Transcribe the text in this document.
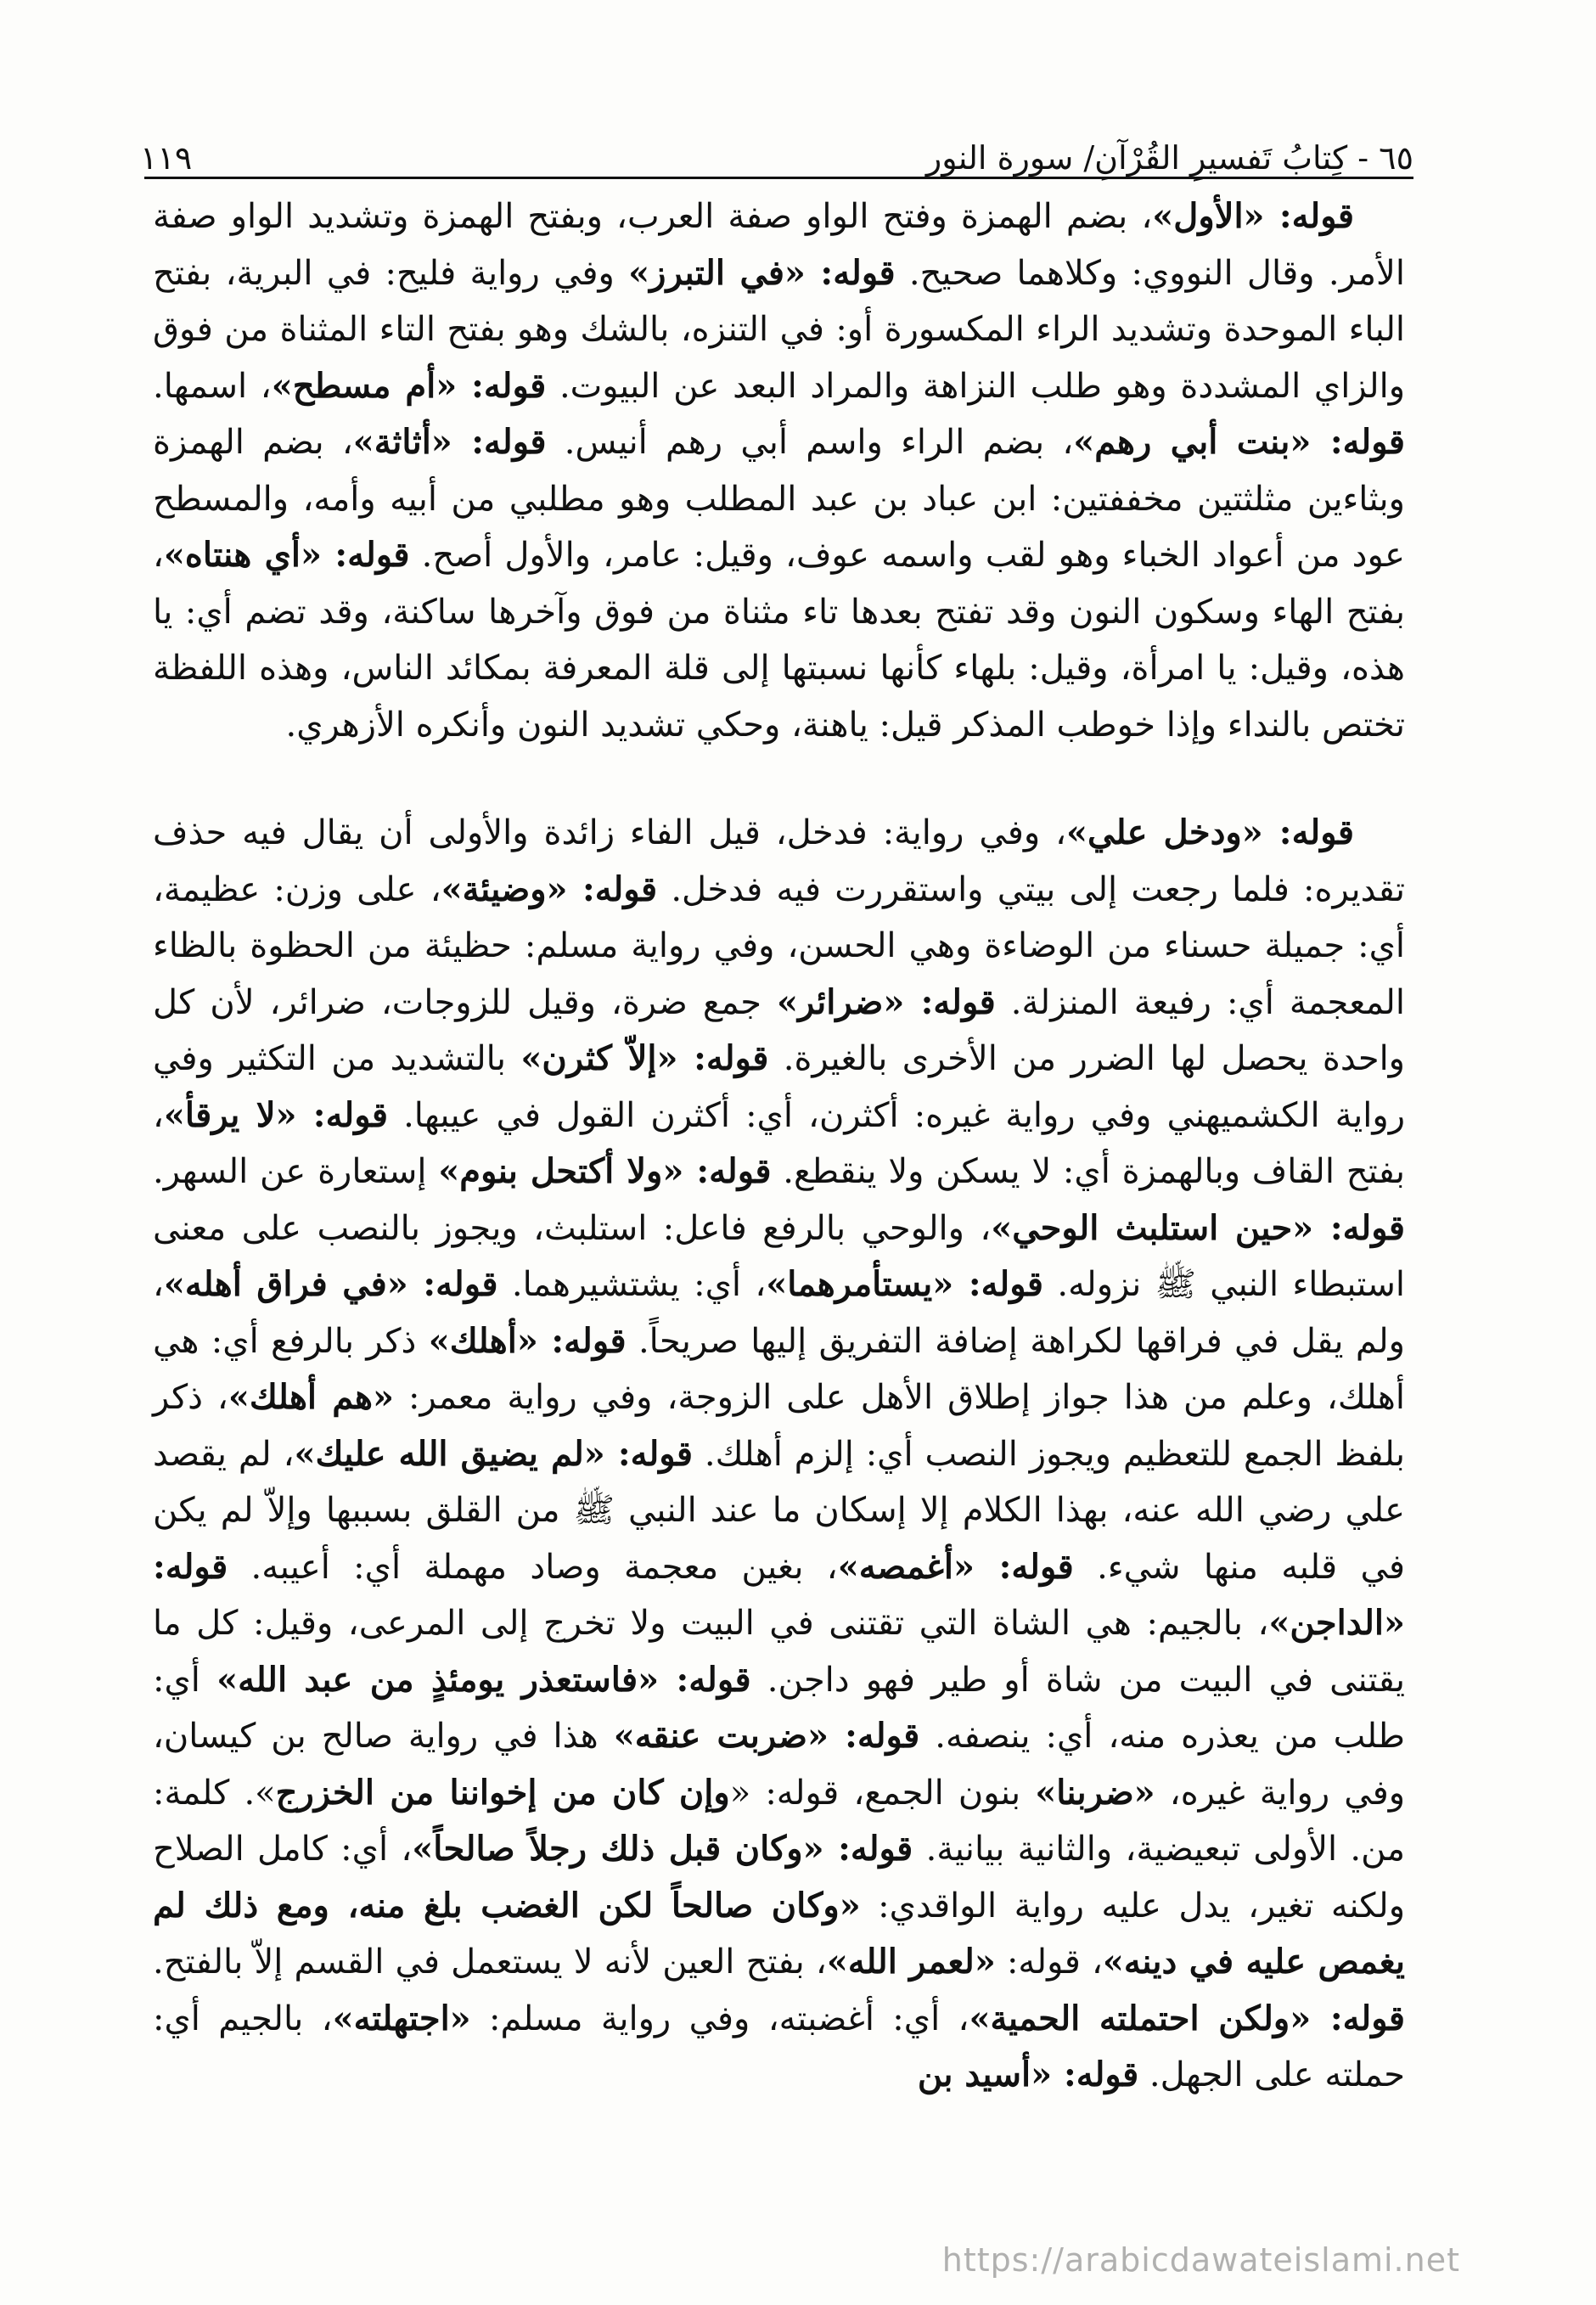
٦٥ - كِتابُ تَفسيرِ القُرْآنِ/ سورة النور
١١٩

قوله: «الأول»، بضم الهمزة وفتح الواو صفة العرب، وبفتح الهمزة وتشديد الواو صفة الأمر. وقال النووي: وكلاهما صحيح. قوله: «في التبرز» وفي رواية فليح: في البرية، بفتح الباء الموحدة وتشديد الراء المكسورة أو: في التنزه، بالشك وهو بفتح التاء المثناة من فوق والزاي المشددة وهو طلب النزاهة والمراد البعد عن البيوت. قوله: «أم مسطح»، اسمها. قوله: «بنت أبي رهم»، بضم الراء واسم أبي رهم أنيس. قوله: «أثاثة»، بضم الهمزة وبثاءين مثلثتين مخففتين: ابن عباد بن عبد المطلب وهو مطلبي من أبيه وأمه، والمسطح عود من أعواد الخباء وهو لقب واسمه عوف، وقيل: عامر، والأول أصح. قوله: «أي هنتاه»، بفتح الهاء وسكون النون وقد تفتح بعدها تاء مثناة من فوق وآخرها ساكنة، وقد تضم أي: يا هذه، وقيل: يا امرأة، وقيل: بلهاء كأنها نسبتها إلى قلة المعرفة بمكائد الناس، وهذه اللفظة تختص بالنداء وإذا خوطب المذكر قيل: ياهنة، وحكي تشديد النون وأنكره الأزهري.

قوله: «ودخل علي»، وفي رواية: فدخل، قيل الفاء زائدة والأولى أن يقال فيه حذف تقديره: فلما رجعت إلى بيتي واستقررت فيه فدخل. قوله: «وضيئة»، على وزن: عظيمة، أي: جميلة حسناء من الوضاءة وهي الحسن، وفي رواية مسلم: حظيئة من الحظوة بالظاء المعجمة أي: رفيعة المنزلة. قوله: «ضرائر» جمع ضرة، وقيل للزوجات، ضرائر، لأن كل واحدة يحصل لها الضرر من الأخرى بالغيرة. قوله: «إلاّ كثرن» بالتشديد من التكثير وفي رواية الكشميهني وفي رواية غيره: أكثرن، أي: أكثرن القول في عيبها. قوله: «لا يرقأ»، بفتح القاف وبالهمزة أي: لا يسكن ولا ينقطع. قوله: «ولا أكتحل بنوم» إستعارة عن السهر. قوله: «حين استلبث الوحي»، والوحي بالرفع فاعل: استلبث، ويجوز بالنصب على معنى استبطاء النبي ﷺ نزوله. قوله: «يستأمرهما»، أي: يشتشيرهما. قوله: «في فراق أهله»، ولم يقل في فراقها لكراهة إضافة التفريق إليها صريحاً. قوله: «أهلك» ذكر بالرفع أي: هي أهلك، وعلم من هذا جواز إطلاق الأهل على الزوجة، وفي رواية معمر: «هم أهلك»، ذكر بلفظ الجمع للتعظيم ويجوز النصب أي: إلزم أهلك. قوله: «لم يضيق الله عليك»، لم يقصد علي رضي الله عنه، بهذا الكلام إلا إسكان ما عند النبي ﷺ من القلق بسببها وإلاّ لم يكن في قلبه منها شيء. قوله: «أغمصه»، بغين معجمة وصاد مهملة أي: أعيبه. قوله: «الداجن»، بالجيم: هي الشاة التي تقتنى في البيت ولا تخرج إلى المرعى، وقيل: كل ما يقتنى في البيت من شاة أو طير فهو داجن. قوله: «فاستعذر يومئذٍ من عبد الله» أي: طلب من يعذره منه، أي: ينصفه. قوله: «ضربت عنقه» هذا في رواية صالح بن كيسان، وفي رواية غيره، «ضربنا» بنون الجمع، قوله: «وإن كان من إخواننا من الخزرج». كلمة: من. الأولى تبعيضية، والثانية بيانية. قوله: «وكان قبل ذلك رجلاً صالحاً»، أي: كامل الصلاح ولكنه تغير، يدل عليه رواية الواقدي: «وكان صالحاً لكن الغضب بلغ منه، ومع ذلك لم يغمص عليه في دينه»، قوله: «لعمر الله»، بفتح العين لأنه لا يستعمل في القسم إلاّ بالفتح. قوله: «ولكن احتملته الحمية»، أي: أغضبته، وفي رواية مسلم: «اجتهلته»، بالجيم أي: حملته على الجهل. قوله: «أسيد بن

https://arabicdawateislami.net
